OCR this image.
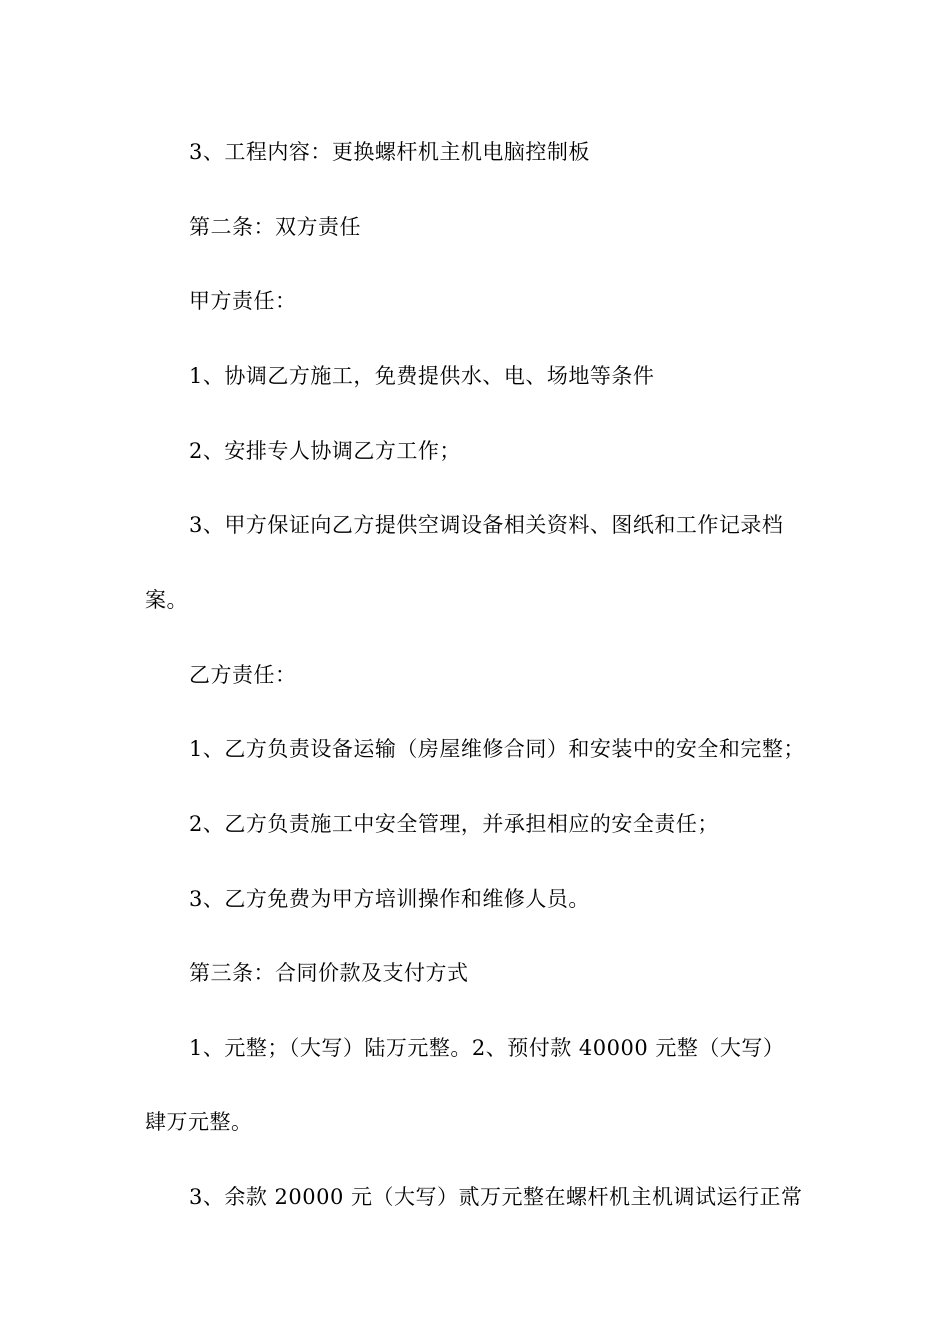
3、工程内容：更换螺杆机主机电脑控制板
第二条：双方责任
甲方责任：
1、协调乙方施工，免费提供水、电、场地等条件
2、安排专人协调乙方工作；
3、甲方保证向乙方提供空调设备相关资料、图纸和工作记录档
案。
乙方责任：
1、乙方负责设备运输（房屋维修合同）和安装中的安全和完整；
2、乙方负责施工中安全管理，并承担相应的安全责任；
3、乙方免费为甲方培训操作和维修人员。
第三条：合同价款及支付方式
1、元整；（大写）陆万元整。2、预付款 40000 元整（大写）
肆万元整。
3、余款 20000 元（大写）贰万元整在螺杆机主机调试运行正常
